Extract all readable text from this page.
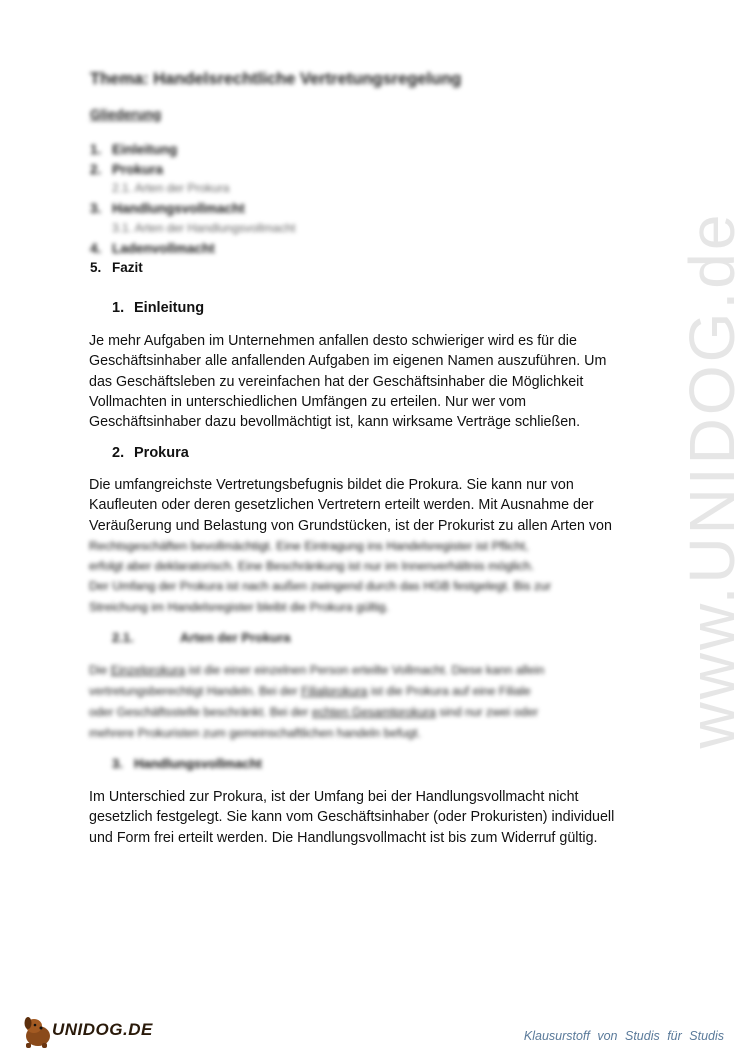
www.UNIDOG.de
Thema: Handelsrechtliche Vertretungsregelung
Gliederung
1. Einleitung
2. Prokura
2.1. Arten der Prokura
3. Handlungsvollmacht
3.1. Arten der Handlungsvollmacht
4. Ladenvollmacht
5. Fazit
1. Einleitung

Je mehr Aufgaben im Unternehmen anfallen desto schwieriger wird es für die

Geschäftsinhaber alle anfallenden Aufgaben im eigenen Namen auszuführen. Um

das Geschäftsleben zu vereinfachen hat der Geschäftsinhaber die Möglichkeit

Vollmachten in unterschiedlichen Umfängen zu erteilen. Nur wer vom

Geschäftsinhaber dazu bevollmächtigt ist, kann wirksame Verträge schließen.

2. Prokura

Die umfangreichste Vertretungsbefugnis bildet die Prokura. Sie kann nur von

Kaufleuten oder deren gesetzlichen Vertretern erteilt werden. Mit Ausnahme der

Veräußerung und Belastung von Grundstücken, ist der Prokurist zu allen Arten von

Rechtsgeschäften bevollmächtigt. Eine Eintragung ins Handelsregister ist Pflicht,

erfolgt aber deklaratorisch. Eine Beschränkung ist nur im Innenverhältnis möglich.

Der Umfang der Prokura ist nach außen zwingend durch das HGB festgelegt. Bis zur

Streichung im Handelsregister bleibt die Prokura gültig.

2.1.	Arten der Prokura

Die Einzelprokura ist die einer einzelnen Person erteilte Vollmacht. Diese kann allein

vertretungsberechtigt Handeln. Bei der Filialprokura ist die Prokura auf eine Filiale

oder Geschäftsstelle beschränkt. Bei der echten Gesamtprokura sind nur zwei oder

mehrere Prokuristen zum gemeinschaftlichen handeln befugt.

3. Handlungsvollmacht

Im Unterschied zur Prokura, ist der Umfang bei der Handlungsvollmacht nicht

gesetzlich festgelegt. Sie kann vom Geschäftsinhaber (oder Prokuristen) individuell

und Form frei erteilt werden. Die Handlungsvollmacht ist bis zum Widerruf gültig.

UNIDOG.DE	Klausurstoff von Studis für Studis
